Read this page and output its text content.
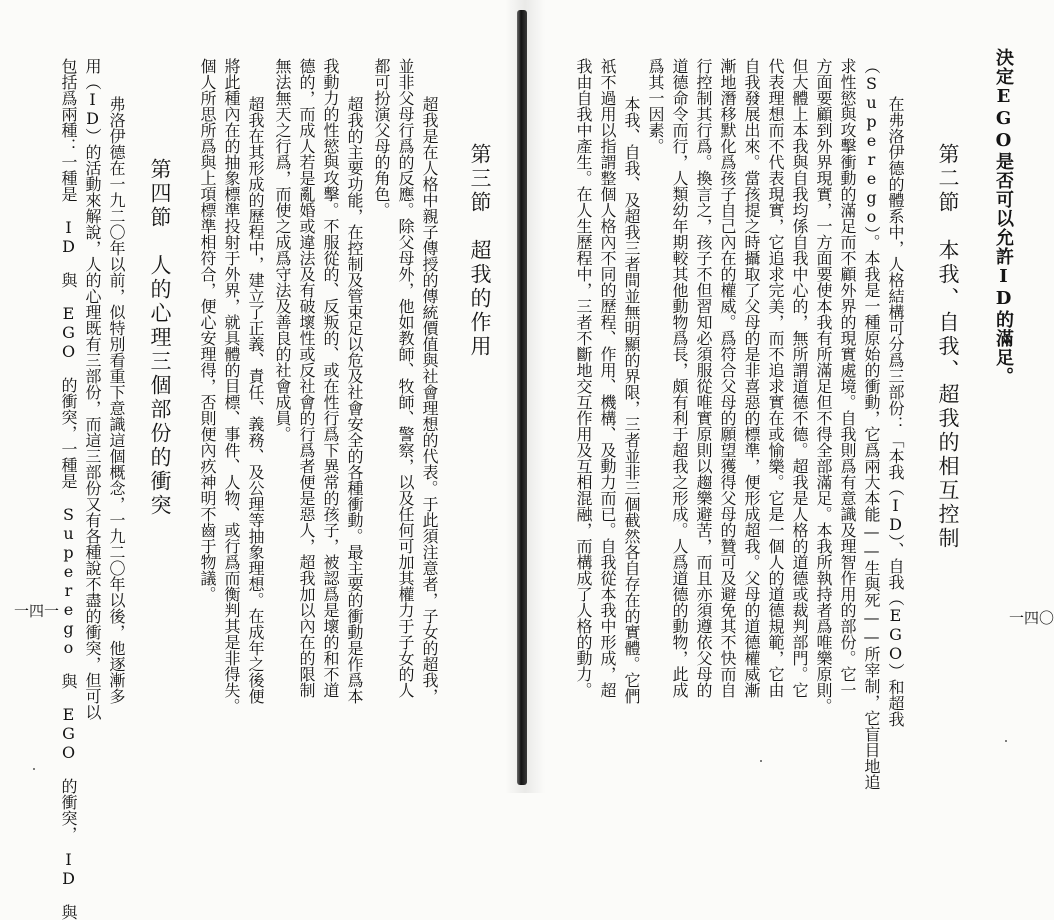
決定EGO是否可以允許ID的滿足。
第二節　本我、自我、超我的相互控制
在弗洛伊德的體系中，人格結構可分爲三部份：「本我（ID）、自我（EGO）和超我
（Superego）。本我是一種原始的衝動，它爲兩大本能——生與死——所宰制，它盲目地追
求性慾與攻擊衝動的滿足而不顧外界的現實處境。自我則爲有意識及理智作用的部份。它一
方面要顧到外界現實，一方面要使本我有所滿足但不得全部滿足。本我所執持者爲唯樂原則。
但大體上本我與自我均係自我中心的，無所謂道德不德。超我是人格的道德或裁判部門。它
代表理想而不代表現實，它追求完美，而不追求實在或愉樂。它是一個人的道德規範，它由
自我發展出來。當孩提之時攝取了父母的是非喜惡的標準，便形成超我。父母的道德權威漸
漸地潛移默化爲孩子自己內在的權威。爲符合父母的願望獲得父母的贊可及避免其不快而自
行控制其行爲。換言之，孩子不但習知必須服從唯實原則以趨樂避苦，而且亦須遵依父母的
道德命令而行，人類幼年期較其他動物爲長，頗有利于超我之形成。人爲道德的動物，此成
爲其一因素。
本我、自我、及超我三者間並無明顯的界限，三者並非三個截然各自存在的實體。它們
祇不過用以指謂整個人格內不同的歷程、作用、機構、及動力而已。自我從本我中形成，超
我由自我中產生。在人生歷程中，三者不斷地交互作用及互相混融，而構成了人格的動力。	一四〇
超我是在人格中親子傳授的傳統價值與社會理想的代表。于此須注意者，子女的超我，
並非父母行爲的反應。除父母外，他如教師、牧師、警察，以及任何可加其權力于子女的人
都可扮演父母的角色。
超我的主要功能，在控制及管束足以危及社會安全的各種衝動。最主要的衝動是作爲本
我動力的性慾與攻擊。不服從的、反叛的、或在性行爲下異常的孩子，被認爲是壞的和不道
德的，而成人若是亂婚或違法及有破壞性或反社會的行爲者便是惡人，超我加以內在的限制
無法無天之行爲，而使之成爲守法及善良的社會成員。
超我在其形成的歷程中，建立了正義、責任、義務、及公理等抽象理想。在成年之後便
將此種內在的抽象標準投射于外界，就具體的目標、事件、人物、或行爲而衡判其是非得失。
個人所思所爲與上項標準相符合，便心安理得，否則便內疚神明不齒于物議。	第三節　超我的作用
第四節　人的心理三個部份的衝突
弗洛伊德在一九二〇年以前，似特別看重下意識這個概念，一九二〇年以後，他逐漸多
用（ID）的活動來解說，人的心理既有三部份，而這三部份又有各種說不盡的衝突，但可以
包括爲兩種：一種是　ID　與　EGO　的衝突，一種是　Superego　與　EGO　的衝突，　ID　與
一四一
